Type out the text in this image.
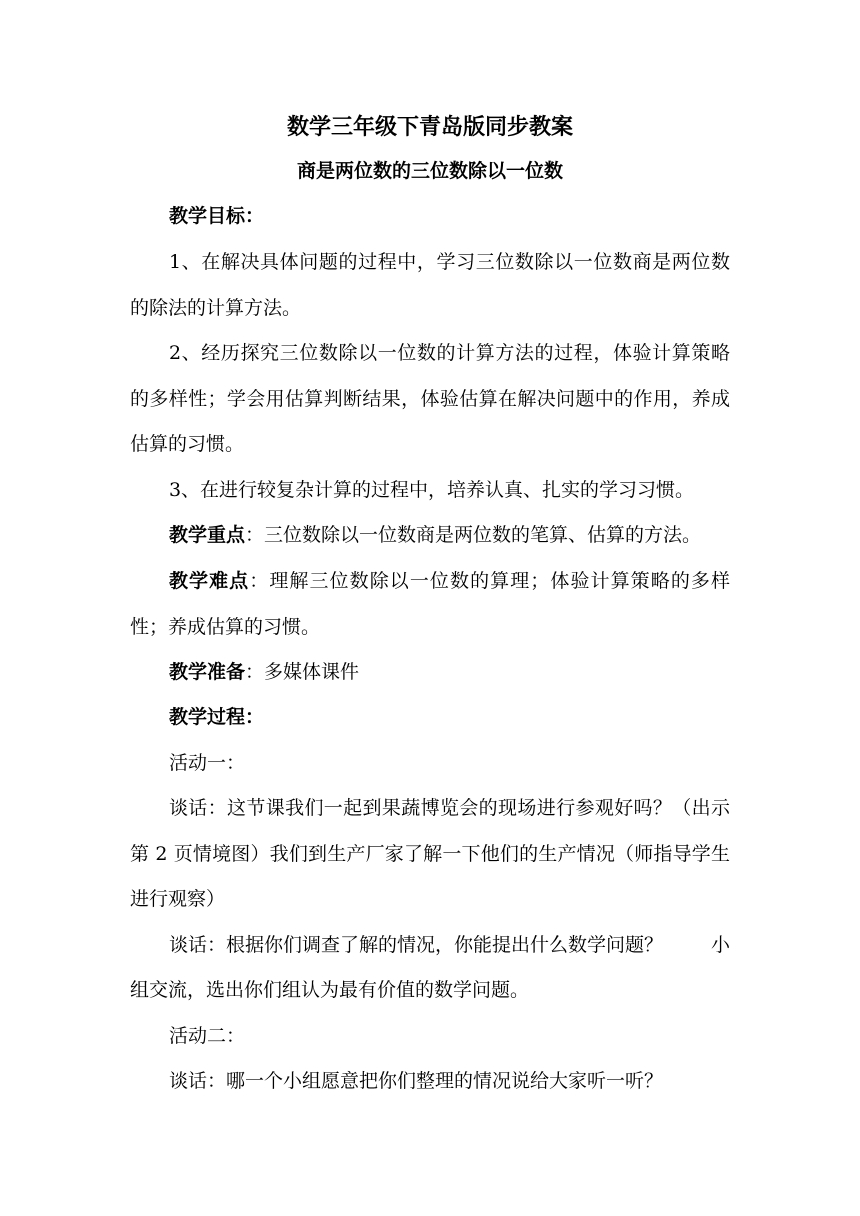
数学三年级下青岛版同步教案
商是两位数的三位数除以一位数

教学目标：

1、在解决具体问题的过程中，学习三位数除以一位数商是两位数的除法的计算方法。

2、经历探究三位数除以一位数的计算方法的过程，体验计算策略的多样性；学会用估算判断结果，体验估算在解决问题中的作用，养成估算的习惯。

3、在进行较复杂计算的过程中，培养认真、扎实的学习习惯。

教学重点：三位数除以一位数商是两位数的笔算、估算的方法。

教学难点：理解三位数除以一位数的算理；体验计算策略的多样性；养成估算的习惯。

教学准备：多媒体课件

教学过程：

活动一：

谈话：这节课我们一起到果蔬博览会的现场进行参观好吗？（出示第 2 页情境图）我们到生产厂家了解一下他们的生产情况（师指导学生进行观察）

谈话：根据你们调查了解的情况，你能提出什么数学问题？	小
组交流，选出你们组认为最有价值的数学问题。

活动二：

谈话：哪一个小组愿意把你们整理的情况说给大家听一听？
